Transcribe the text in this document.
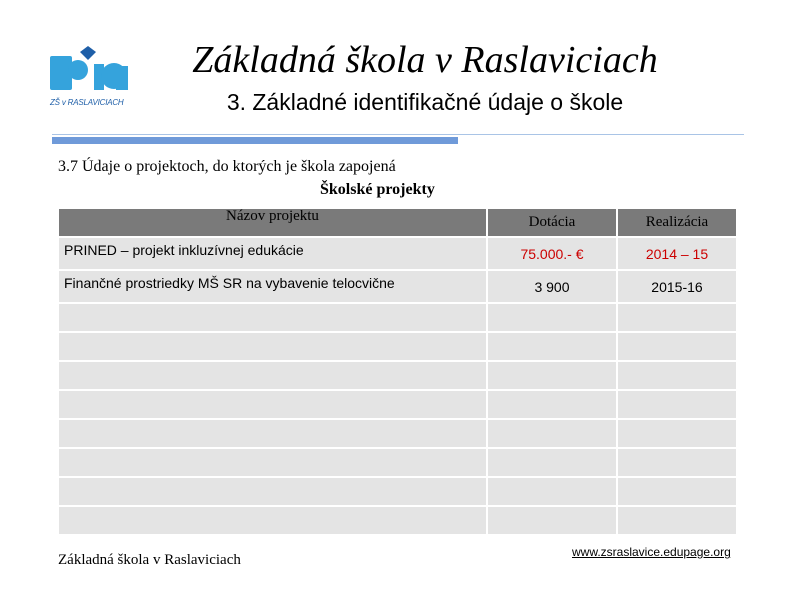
ZŠ v RASLAVICIACH
Základná škola v Raslaviciach
3. Základné identifikačné údaje o škole
3.7 Údaje o projektoch, do ktorých je škola zapojená
Školské projekty
Názov projektu	Dotácia	Realizácia
PRINED – projekt inkluzívnej edukácie	75.000.- €	2014 – 15
Finančné prostriedky MŠ SR na vybavenie telocvične	3 900	2015-16

Základná škola v Raslaviciach	www.zsraslavice.edupage.org
